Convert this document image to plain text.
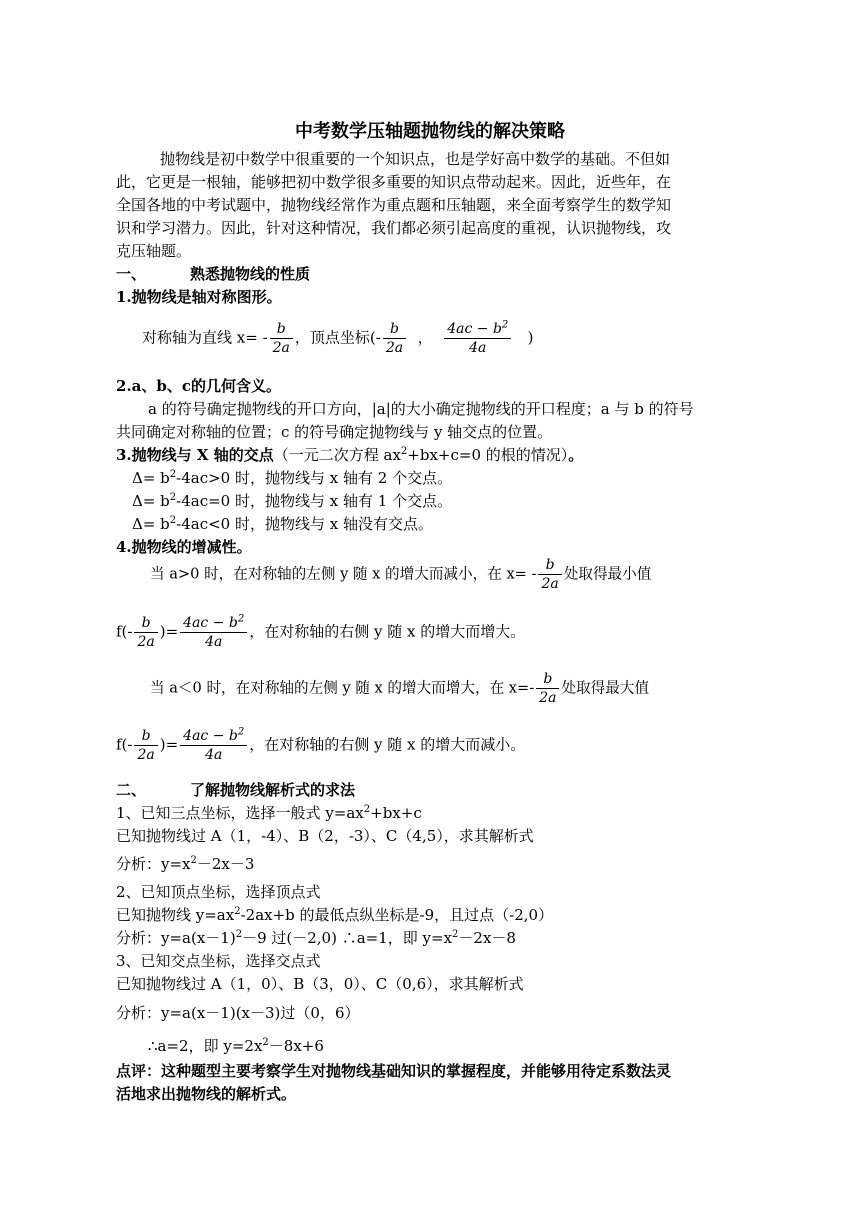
中考数学压轴题抛物线的解决策略
抛物线是初中数学中很重要的一个知识点，也是学好高中数学的基础。不但如
此，它更是一根轴，能够把初中数学很多重要的知识点带动起来。因此，近些年，在
全国各地的中考试题中，抛物线经常作为重点题和压轴题，来全面考察学生的数学知
识和学习潜力。因此，针对这种情况，我们都必须引起高度的重视，认识抛物线，攻
克压轴题。
一、	熟悉抛物线的性质
1.抛物线是轴对称图形。
对称轴为直线 $x= - \frac{b}{2a}$ ，顶点坐标(- $\frac{b}{2a}$ ， $\frac{4ac - b^2}{4a}$ )
2.a、b、c的几何含义。
a 的符号确定抛物线的开口方向，|a|的大小确定抛物线的开口程度；a 与 b 的符号
共同确定对称轴的位置；c 的符号确定抛物线与 y 轴交点的位置。
3.抛物线与 X 轴的交点（一元二次方程 $ax^2+bx+c=0$ 的根的情况）。
$\Delta= b^2-4ac>0$ 时，抛物线与 x 轴有 2 个交点。
$\Delta= b^2-4ac=0$ 时，抛物线与 x 轴有 1 个交点。
$\Delta= b^2-4ac<0$ 时，抛物线与 x 轴没有交点。
4.抛物线的增减性。
当 a>0 时，在对称轴的左侧 y 随 x 的增大而减小，在 $x= - \frac{b}{2a}$ 处取得最小值
$f(- \frac{b}{2a}$ )= $\frac{4ac - b^2}{4a}$ ，在对称轴的右侧 y 随 x 的增大而增大。
当 a＜0 时，在对称轴的左侧 y 随 x 的增大而增大，在 $x=- \frac{b}{2a}$ 处取得最大值
$f(- \frac{b}{2a}$ )= $\frac{4ac - b^2}{4a}$ ，在对称轴的右侧 y 随 x 的增大而减小。
二、	了解抛物线解析式的求法
1、已知三点坐标，选择一般式 $y=ax^2+bx+c$
已知抛物线过 A（1，-4）、B（2，-3）、C（4,5），求其解析式
分析：$y=x^2-2x-3$
2、已知顶点坐标，选择顶点式
已知抛物线 $y=ax^2-2ax+b$ 的最低点纵坐标是-9，且过点（-2,0）
分析：$y=a(x-1)^2-9$ 过(－2,0) ∴a=1，即 $y=x^2-2x-8$
3、已知交点坐标，选择交点式
已知抛物线过 A（1，0）、B（3，0）、C（0,6），求其解析式
分析：y=a(x－1)(x－3)过（0，6）
∴a=2，即 $y=2x^2-8x+6$
点评：这种题型主要考察学生对抛物线基础知识的掌握程度，并能够用待定系数法灵
活地求出抛物线的解析式。
